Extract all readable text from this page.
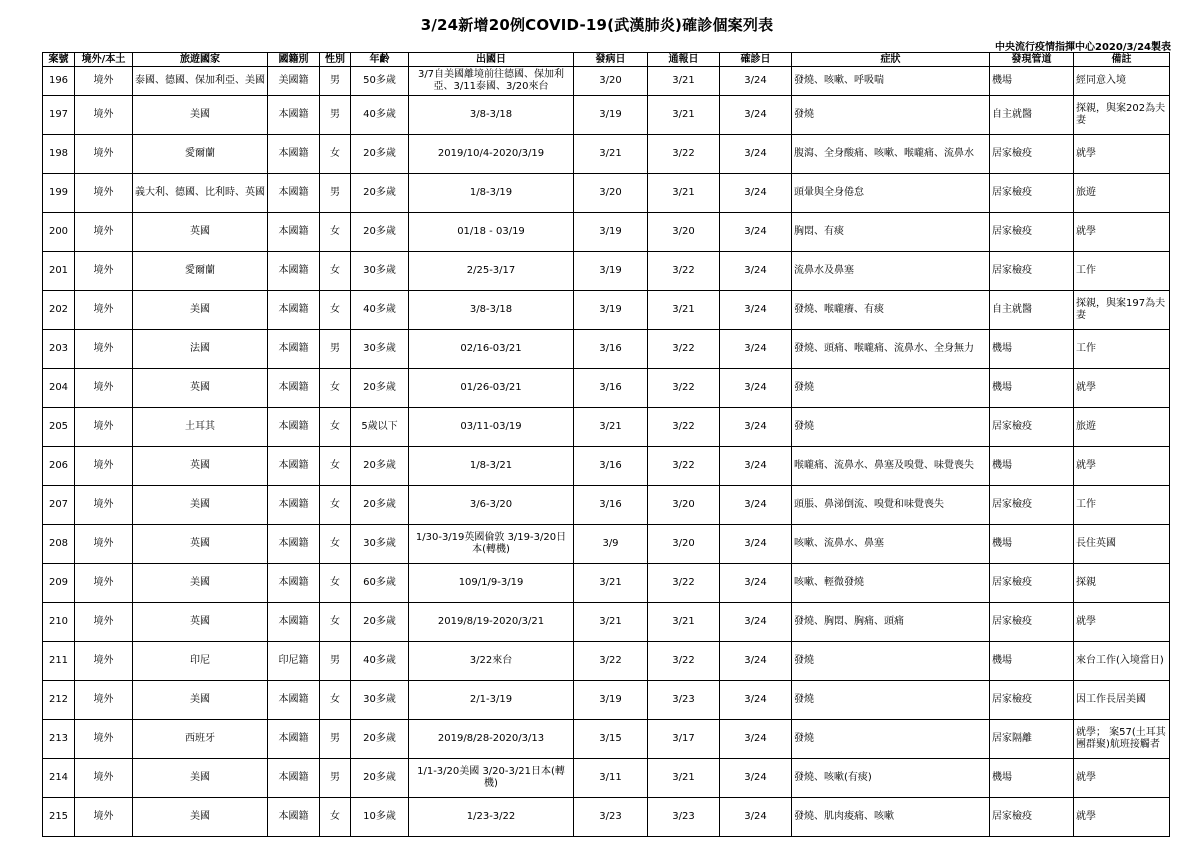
3/24新增20例COVID-19(武漢肺炎)確診個案列表
中央流行疫情指揮中心2020/3/24製表
案號	境外/本土	旅遊國家	國籍別	性別	年齡	出國日	發病日	通報日	確診日	症狀	發現管道	備註
196	境外	泰國、德國、保加利亞、美國	美國籍	男	50多歲	3/7自美國離境前往德國、保加利亞、3/11泰國、3/20來台	3/20	3/21	3/24	發燒、咳嗽、呼吸喘	機場	經同意入境
197	境外	美國	本國籍	男	40多歲	3/8-3/18	3/19	3/21	3/24	發燒	自主就醫	探親，與案202為夫妻
198	境外	愛爾蘭	本國籍	女	20多歲	2019/10/4-2020/3/19	3/21	3/22	3/24	腹瀉、全身酸痛、咳嗽、喉嚨痛、流鼻水	居家檢疫	就學
199	境外	義大利、德國、比利時、英國	本國籍	男	20多歲	1/8-3/19	3/20	3/21	3/24	頭暈與全身倦怠	居家檢疫	旅遊
200	境外	英國	本國籍	女	20多歲	01/18 - 03/19	3/19	3/20	3/24	胸悶、有痰	居家檢疫	就學
201	境外	愛爾蘭	本國籍	女	30多歲	2/25-3/17	3/19	3/22	3/24	流鼻水及鼻塞	居家檢疫	工作
202	境外	美國	本國籍	女	40多歲	3/8-3/18	3/19	3/21	3/24	發燒、喉嚨癢、有痰	自主就醫	探親，與案197為夫妻
203	境外	法國	本國籍	男	30多歲	02/16-03/21	3/16	3/22	3/24	發燒、頭痛、喉嚨痛、流鼻水、全身無力	機場	工作
204	境外	英國	本國籍	女	20多歲	01/26-03/21	3/16	3/22	3/24	發燒	機場	就學
205	境外	土耳其	本國籍	女	5歲以下	03/11-03/19	3/21	3/22	3/24	發燒	居家檢疫	旅遊
206	境外	英國	本國籍	女	20多歲	1/8-3/21	3/16	3/22	3/24	喉嚨痛、流鼻水、鼻塞及嗅覺、味覺喪失	機場	就學
207	境外	美國	本國籍	女	20多歲	3/6-3/20	3/16	3/20	3/24	頭脹、鼻涕倒流、嗅覺和味覺喪失	居家檢疫	工作
208	境外	英國	本國籍	女	30多歲	1/30-3/19英國倫敦 3/19-3/20日本(轉機)	3/9	3/20	3/24	咳嗽、流鼻水、鼻塞	機場	長住英國
209	境外	美國	本國籍	女	60多歲	109/1/9-3/19	3/21	3/22	3/24	咳嗽、輕微發燒	居家檢疫	探親
210	境外	英國	本國籍	女	20多歲	2019/8/19-2020/3/21	3/21	3/21	3/24	發燒、胸悶、胸痛、頭痛	居家檢疫	就學
211	境外	印尼	印尼籍	男	40多歲	3/22來台	3/22	3/22	3/24	發燒	機場	來台工作(入境當日)
212	境外	美國	本國籍	女	30多歲	2/1-3/19	3/19	3/23	3/24	發燒	居家檢疫	因工作長居美國
213	境外	西班牙	本國籍	男	20多歲	2019/8/28-2020/3/13	3/15	3/17	3/24	發燒	居家隔離	就學； 案57(土耳其團群聚)航班接觸者
214	境外	美國	本國籍	男	20多歲	1/1-3/20美國 3/20-3/21日本(轉機)	3/11	3/21	3/24	發燒、咳嗽(有痰)	機場	就學
215	境外	美國	本國籍	女	10多歲	1/23-3/22	3/23	3/23	3/24	發燒、肌肉痠痛、咳嗽	居家檢疫	就學
